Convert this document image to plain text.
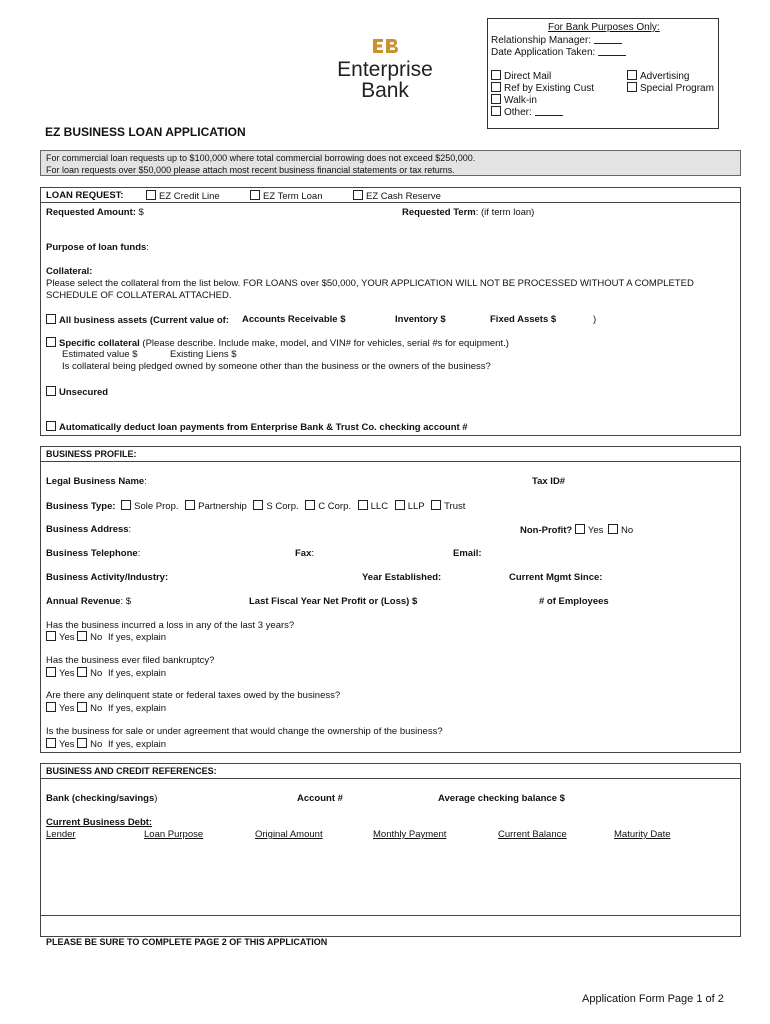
For Bank Purposes Only:
Relationship Manager:
Date Application Taken:
Direct Mail
Ref by Existing Cust
Walk-in
Other:
Advertising
Special Program
Enterprise
Bank
EZ BUSINESS LOAN APPLICATION
For commercial loan requests up to $100,000 where total commercial borrowing does not exceed $250,000.
For loan requests over $50,000 please attach most recent business financial statements or tax returns.
LOAN REQUEST:	EZ Credit Line	EZ Term Loan	EZ Cash Reserve
Requested Amount: $	Requested Term: (if term loan)
Purpose of loan funds:
Collateral:
Please select the collateral from the list below. FOR LOANS over $50,000, YOUR APPLICATION WILL NOT BE PROCESSED WITHOUT A COMPLETED
SCHEDULE OF COLLATERAL ATTACHED.
All business assets (Current value of: Accounts Receivable $	Inventory $	Fixed Assets $	)
Specific collateral (Please describe. Include make, model, and VIN# for vehicles, serial #s for equipment.)
Estimated value $	Existing Liens $
Is collateral being pledged owned by someone other than the business or the owners of the business?
Unsecured
Automatically deduct loan payments from Enterprise Bank & Trust Co. checking account #
BUSINESS PROFILE:
Legal Business Name:	Tax ID#
Business Type: Sole Prop. Partnership S Corp. C Corp. LLC LLP Trust
Business Address:	Non-Profit? Yes No
Business Telephone:	Fax:	Email:
Business Activity/Industry:	Year Established:	Current Mgmt Since:
Annual Revenue: $	Last Fiscal Year Net Profit or (Loss) $	# of Employees
Has the business incurred a loss in any of the last 3 years?
Yes No If yes, explain
Has the business ever filed bankruptcy?
Yes No If yes, explain
Are there any delinquent state or federal taxes owed by the business?
Yes No If yes, explain
Is the business for sale or under agreement that would change the ownership of the business?
Yes No If yes, explain
BUSINESS AND CREDIT REFERENCES:
Bank (checking/savings)	Account #	Average checking balance $
Current Business Debt:
Lender	Loan Purpose	Original Amount	Monthly Payment	Current Balance	Maturity Date
PLEASE BE SURE TO COMPLETE PAGE 2 OF THIS APPLICATION
Application Form Page 1 of 2
